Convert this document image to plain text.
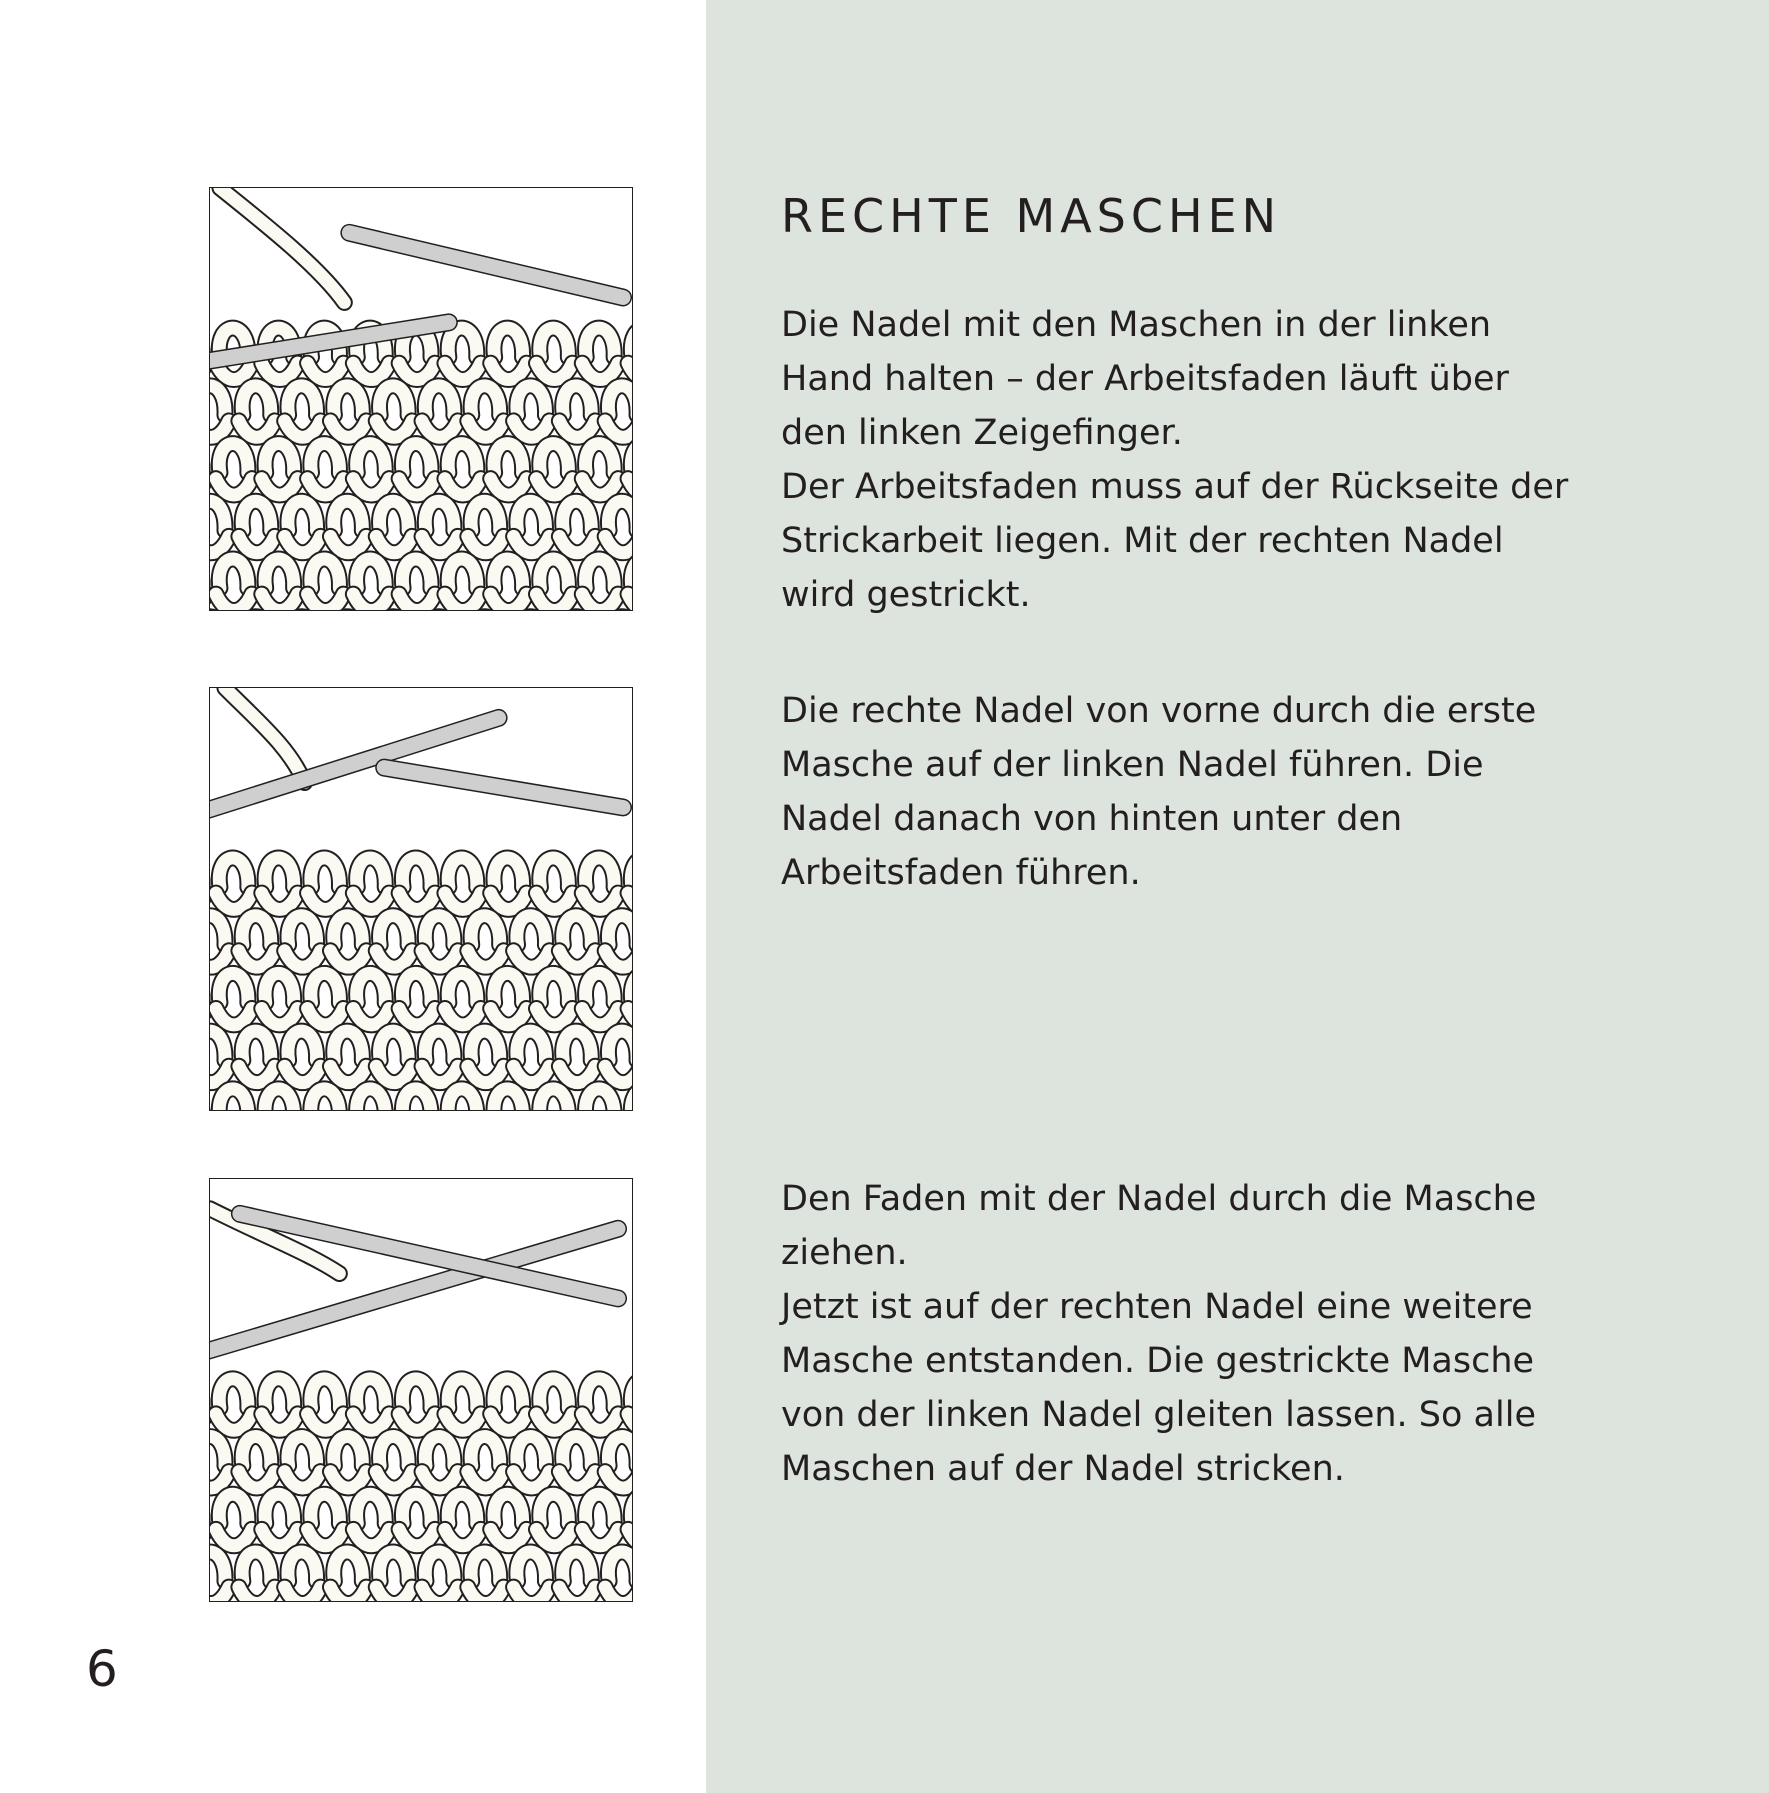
6
RECHTE MASCHEN

Die Nadel mit den Maschen in der linken
Hand halten – der Arbeitsfaden läuft über
den linken Zeigefinger.
Der Arbeitsfaden muss auf der Rückseite der
Strickarbeit liegen. Mit der rechten Nadel
wird gestrickt.

Die rechte Nadel von vorne durch die erste
Masche auf der linken Nadel führen. Die
Nadel danach von hinten unter den
Arbeitsfaden führen.

Den Faden mit der Nadel durch die Masche
ziehen.
Jetzt ist auf der rechten Nadel eine weitere
Masche entstanden. Die gestrickte Masche
von der linken Nadel gleiten lassen. So alle
Maschen auf der Nadel stricken.
